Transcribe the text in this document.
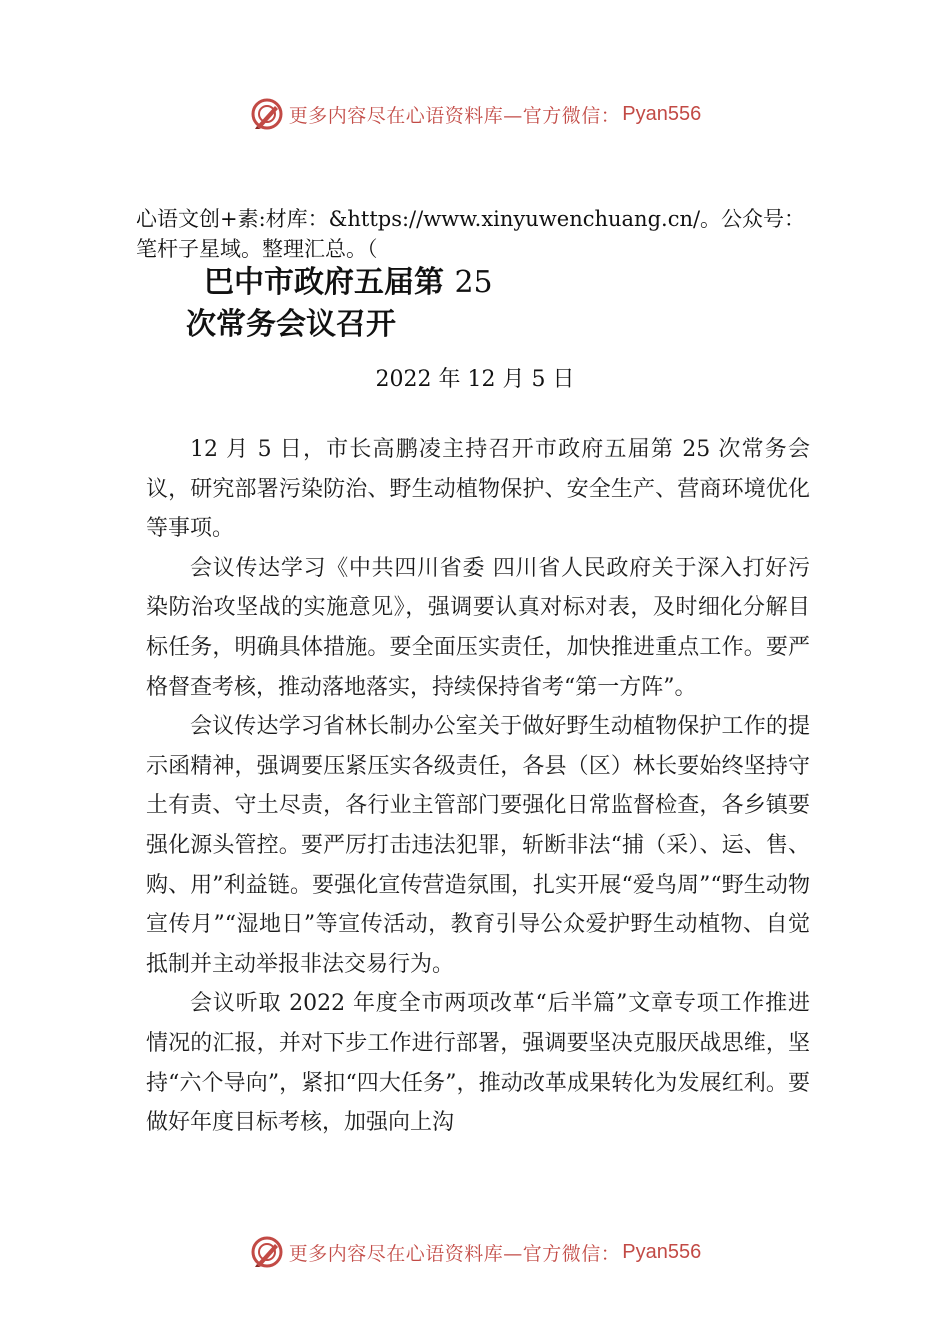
更多内容尽在心语资料库—官方微信： Pyan556
心语文创+素:材库：&https://www.xinyuwenchuang.cn/。公众号：笔杆子星域。整理汇总。（
巴中市政府五届第 25
次常务会议召开
2022 年 12 月 5 日

12 月 5 日，市长高鹏凌主持召开市政府五届第 25 次常务会议，研究部署污染防治、野生动植物保护、安全生产、营商环境优化等事项。

会议传达学习《中共四川省委 四川省人民政府关于深入打好污染防治攻坚战的实施意见》，强调要认真对标对表，及时细化分解目标任务，明确具体措施。要全面压实责任，加快推进重点工作。要严格督查考核，推动落地落实，持续保持省考“第一方阵”。

会议传达学习省林长制办公室关于做好野生动植物保护工作的提示函精神，强调要压紧压实各级责任，各县（区）林长要始终坚持守土有责、守土尽责，各行业主管部门要强化日常监督检查，各乡镇要强化源头管控。要严厉打击违法犯罪，斩断非法“捕（采）、运、售、购、用”利益链。要强化宣传营造氛围，扎实开展“爱鸟周”“野生动物宣传月”“湿地日”等宣传活动，教育引导公众爱护野生动植物、自觉抵制并主动举报非法交易行为。

会议听取 2022 年度全市两项改革“后半篇”文章专项工作推进情况的汇报，并对下步工作进行部署，强调要坚决克服厌战思维，坚持“六个导向”，紧扣“四大任务”，推动改革成果转化为发展红利。要做好年度目标考核，加强向上沟

更多内容尽在心语资料库—官方微信： Pyan556
